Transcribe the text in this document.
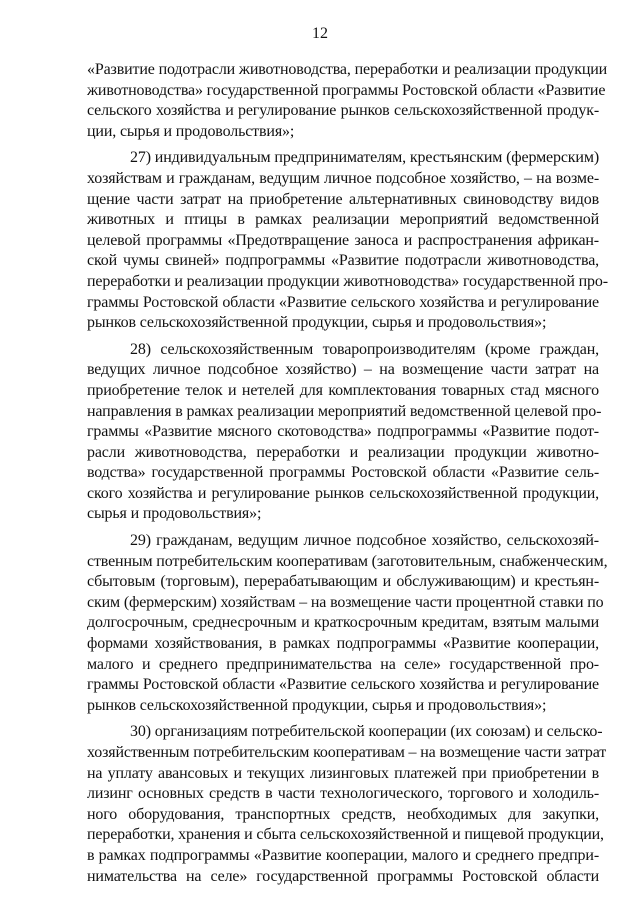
12
«Развитие подотрасли животноводства, переработки и реализации продукции
животноводства» государственной программы Ростовской области «Развитие
сельского хозяйства и регулирование рынков сельскохозяйственной продук-
ции, сырья и продовольствия»;
27) индивидуальным предпринимателям, крестьянским (фермерским)
хозяйствам и гражданам, ведущим личное подсобное хозяйство, – на возме-
щение части затрат на приобретение альтернативных свиноводству видов
животных и птицы в рамках реализации мероприятий ведомственной
целевой программы «Предотвращение заноса и распространения африкан-
ской чумы свиней» подпрограммы «Развитие подотрасли животноводства,
переработки и реализации продукции животноводства» государственной про-
граммы Ростовской области «Развитие сельского хозяйства и регулирование
рынков сельскохозяйственной продукции, сырья и продовольствия»;
28) сельскохозяйственным товаропроизводителям (кроме граждан,
ведущих личное подсобное хозяйство) – на возмещение части затрат на
приобретение телок и нетелей для комплектования товарных стад мясного
направления в рамках реализации мероприятий ведомственной целевой про-
граммы «Развитие мясного скотоводства» подпрограммы «Развитие подот-
расли животноводства, переработки и реализации продукции животно-
водства» государственной программы Ростовской области «Развитие сель-
ского хозяйства и регулирование рынков сельскохозяйственной продукции,
сырья и продовольствия»;
29) гражданам, ведущим личное подсобное хозяйство, сельскохозяй-
ственным потребительским кооперативам (заготовительным, снабженческим,
сбытовым (торговым), перерабатывающим и обслуживающим) и крестьян-
ским (фермерским) хозяйствам – на возмещение части процентной ставки по
долгосрочным, среднесрочным и краткосрочным кредитам, взятым малыми
формами хозяйствования, в рамках подпрограммы «Развитие кооперации,
малого и среднего предпринимательства на селе» государственной про-
граммы Ростовской области «Развитие сельского хозяйства и регулирование
рынков сельскохозяйственной продукции, сырья и продовольствия»;
30) организациям потребительской кооперации (их союзам) и сельско-
хозяйственным потребительским кооперативам – на возмещение части затрат
на уплату авансовых и текущих лизинговых платежей при приобретении в
лизинг основных средств в части технологического, торгового и холодиль-
ного оборудования, транспортных средств, необходимых для закупки,
переработки, хранения и сбыта сельскохозяйственной и пищевой продукции,
в рамках подпрограммы «Развитие кооперации, малого и среднего предпри-
нимательства на селе» государственной программы Ростовской области
